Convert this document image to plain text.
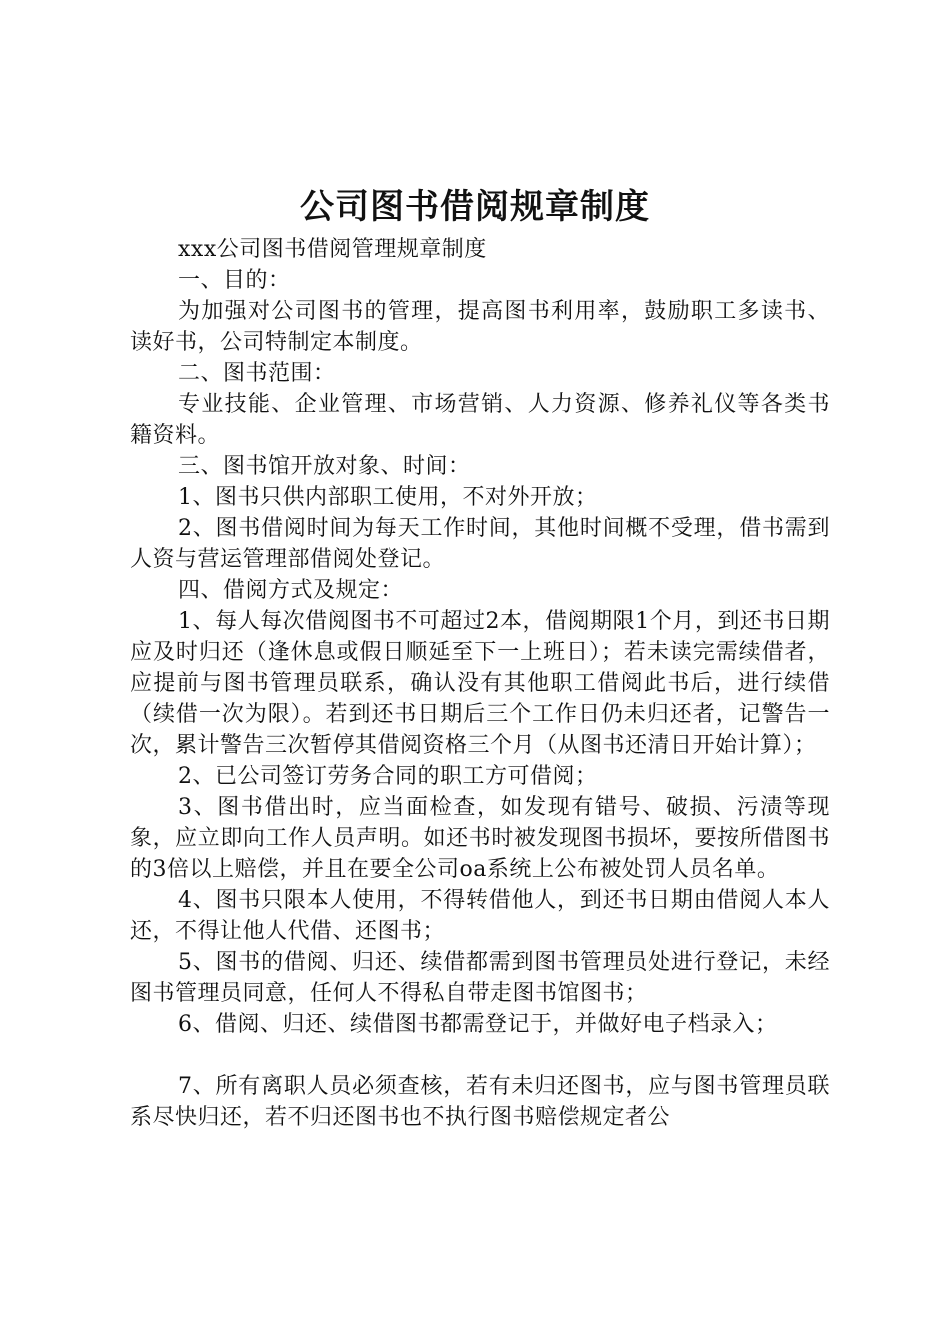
公司图书借阅规章制度

xxx公司图书借阅管理规章制度

一、目的：

为加强对公司图书的管理，提高图书利用率，鼓励职工多读书、读好书，公司特制定本制度。

二、图书范围：

专业技能、企业管理、市场营销、人力资源、修养礼仪等各类书籍资料。

三、图书馆开放对象、时间：

1、图书只供内部职工使用，不对外开放；

2、图书借阅时间为每天工作时间，其他时间概不受理，借书需到人资与营运管理部借阅处登记。

四、借阅方式及规定：

1、每人每次借阅图书不可超过2本，借阅期限1个月，到还书日期应及时归还（逢休息或假日顺延至下一上班日）；若未读完需续借者，应提前与图书管理员联系，确认没有其他职工借阅此书后，进行续借（续借一次为限）。若到还书日期后三个工作日仍未归还者，记警告一次，累计警告三次暂停其借阅资格三个月（从图书还清日开始计算）；

2、已公司签订劳务合同的职工方可借阅；

3、图书借出时，应当面检查，如发现有错号、破损、污渍等现象，应立即向工作人员声明。如还书时被发现图书损坏，要按所借图书的3倍以上赔偿，并且在要全公司oa系统上公布被处罚人员名单。

4、图书只限本人使用，不得转借他人，到还书日期由借阅人本人还，不得让他人代借、还图书；

5、图书的借阅、归还、续借都需到图书管理员处进行登记，未经图书管理员同意，任何人不得私自带走图书馆图书；

6、借阅、归还、续借图书都需登记于，并做好电子档录入；

7、所有离职人员必须查核，若有未归还图书，应与图书管理员联系尽快归还，若不归还图书也不执行图书赔偿规定者公
